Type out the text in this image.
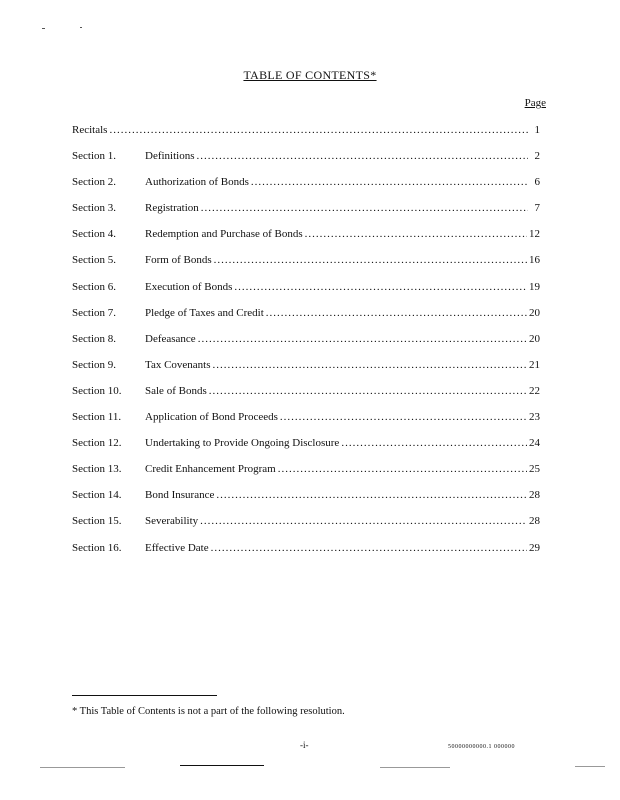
TABLE OF CONTENTS*
Page
Recitals .....	1
Section 1.	Definitions .....	2
Section 2.	Authorization of Bonds .....	6
Section 3.	Registration .....	7
Section 4.	Redemption and Purchase of Bonds .....	12
Section 5.	Form of Bonds .....	16
Section 6.	Execution of Bonds .....	19
Section 7.	Pledge of Taxes and Credit .....	20
Section 8.	Defeasance .....	20
Section 9.	Tax Covenants .....	21
Section 10.	Sale of Bonds .....	22
Section 11.	Application of Bond Proceeds .....	23
Section 12.	Undertaking to Provide Ongoing Disclosure .....	24
Section 13.	Credit Enhancement Program .....	25
Section 14.	Bond Insurance .....	28
Section 15.	Severability .....	28
Section 16.	Effective Date .....	29
* This Table of Contents is not a part of the following resolution.
-i-	50000000000.1 000000
